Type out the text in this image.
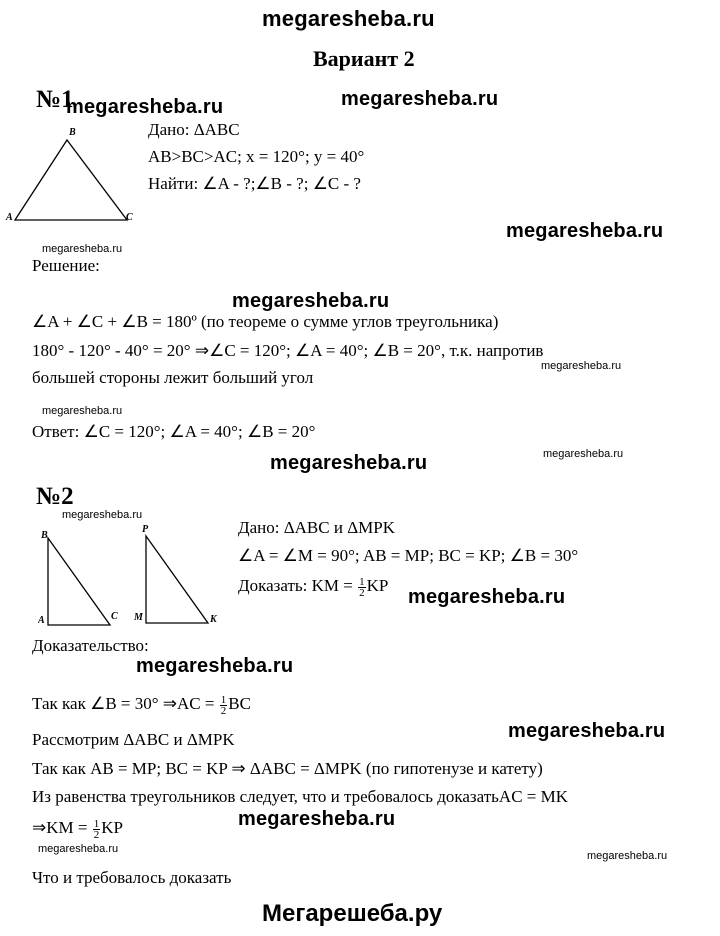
megaresheba.ru
Вариант 2
№1
megaresheba.ru	megaresheba.ru
B
A	C
Дано: ΔABC
AB>BC>AC; x = 120°; y = 40°
Найти: ∠A - ?;∠B - ?; ∠C - ?
megaresheba.ru
megaresheba.ru
Решение:
megaresheba.ru
∠A + ∠C + ∠B = 180º (по теореме о сумме углов треугольника)
180° - 120° - 40° = 20° ⇒∠C = 120°; ∠A = 40°; ∠B = 20°, т.к. напротив
megaresheba.ru
большей стороны лежит больший угол
megaresheba.ru
Ответ: ∠C = 120°; ∠A = 40°; ∠B = 20°
megaresheba.ru
megaresheba.ru
№2
megaresheba.ru
B
A	C
P
M	K
Дано: ΔABC и ΔMPK
∠A = ∠M = 90°; AB = MP; BC = KP; ∠B = 30°
Доказать: KM = $\frac{1}{2}$ KP
megaresheba.ru
Доказательство:
megaresheba.ru
Так как ∠B = 30° ⇒AC = $\frac{1}{2}$ BC
megaresheba.ru
Рассмотрим ΔABC и ΔMPK
Так как AB = MP; BC = KP ⇒ ΔABC = ΔMPK (по гипотенузе и катету)
Из равенства треугольников следует, что и требовалось доказатьAC = MK
⇒KM = $\frac{1}{2}$ KP	megaresheba.ru
megaresheba.ru
megaresheba.ru
Что и требовалось доказать
Мегарешеба.ру
